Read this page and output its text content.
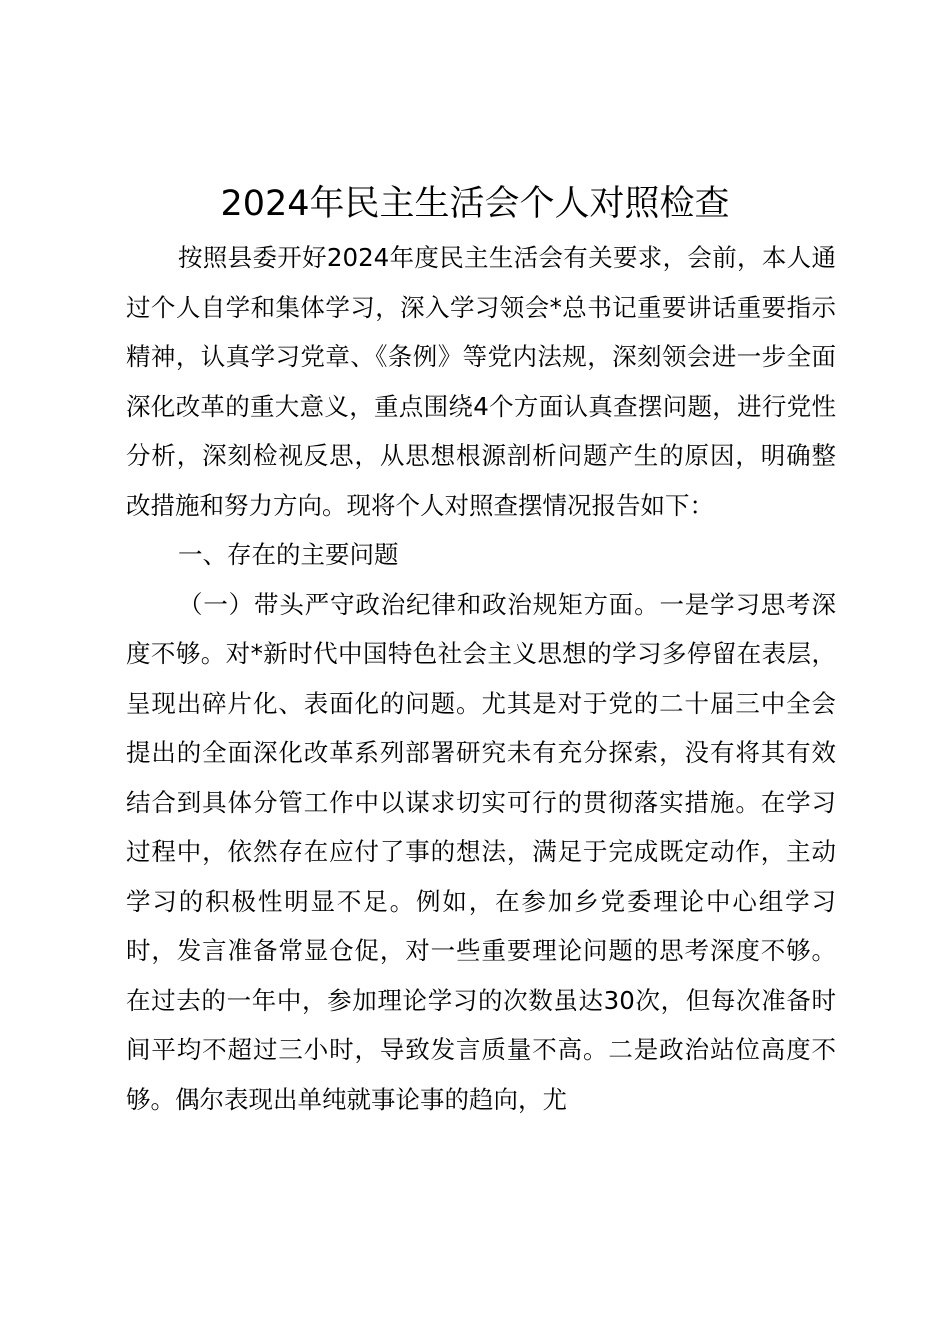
2024年民主生活会个人对照检查

按照县委开好2024年度民主生活会有关要求，会前，本人通过个人自学和集体学习，深入学习领会*总书记重要讲话重要指示精神，认真学习党章、《条例》等党内法规，深刻领会进一步全面深化改革的重大意义，重点围绕4个方面认真查摆问题，进行党性分析，深刻检视反思，从思想根源剖析问题产生的原因，明确整改措施和努力方向。现将个人对照查摆情况报告如下：

一、存在的主要问题

（一）带头严守政治纪律和政治规矩方面。一是学习思考深度不够。对*新时代中国特色社会主义思想的学习多停留在表层，呈现出碎片化、表面化的问题。尤其是对于党的二十届三中全会提出的全面深化改革系列部署研究未有充分探索，没有将其有效结合到具体分管工作中以谋求切实可行的贯彻落实措施。在学习过程中，依然存在应付了事的想法，满足于完成既定动作，主动学习的积极性明显不足。例如，在参加乡党委理论中心组学习时，发言准备常显仓促，对一些重要理论问题的思考深度不够。在过去的一年中，参加理论学习的次数虽达30次，但每次准备时间平均不超过三小时，导致发言质量不高。二是政治站位高度不够。偶尔表现出单纯就事论事的趋向，尤
